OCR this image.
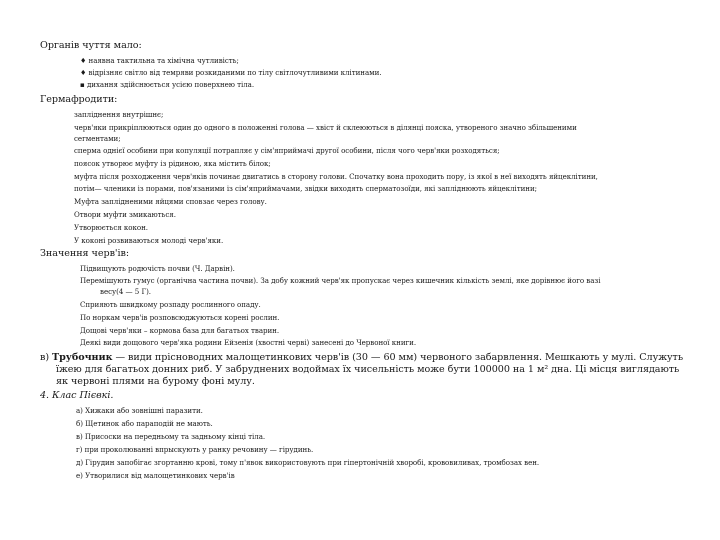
Органів чуття мало:
♦ наявна тактильна та хімічна чутливість;
♦ відрізняє світло від темряви розкиданими по тілу світлочутливими клітинами.
▪ дихання здійснюється усією поверхнею тіла.
Гермафродити:
запліднення внутрішнє;
черв'яки прикріплюються один до одного в положенні голова — хвіст й склеюються в ділянці пояска, утвореного значно збільшеними
сегментами;
сперма однієї особини при копуляції потрапляє у сім'яприймачі другої особини, після чого черв'яки розходяться;
поясок утворює муфту із рідиною, яка містить білок;
муфта після розходження черв'яків починає двигатись в сторону голови. Спочатку вона проходить пору, із якої в неї виходять яйцеклітини,
потім— членики із порами, пов'язаними із сім'яприймачами, звідки виходять сперматозоїди, які запліднюють яйцеклітини;
Муфта заплідненими яйцями сповзає через голову.
Отвори муфти змикаються.
Утворюється кокон.
У коконі розвиваються молоді черв'яки.
Значення черв'ів:
Підвищують родючість почви (Ч. Дарвін).
Перемішують гумус (органічна частина почви). За добу кожний черв'як пропускає через кишечник кількість землі, яке дорівнює його вазі
весу(4 — 5 Г).
Сприяють швидкому розпаду рослинного опаду.
По норкам черв'ів розповсюджуються корені рослин.
Дощові черв'яки – кормова база для багатьох тварин.
Деякі види дощового черв'яка родини Ейзенія (хвостні черві) занесені до Червоної книги.
в) Трубочник — види прісноводних малощетинкових черв'ів (30 — 60 мм) червоного забарвлення. Мешкають у мулі. Служуть
їжею для багатьох донних риб. У забруднених водоймах їх чисельність може бути 100000 на 1 м² дна. Ці місця виглядають
як червоні плями на бурому фоні мулу.
4. Клас Пієвкі.
а) Хижаки або зовнішні паразити.
б) Щетинок або параподій не мають.
в) Присоски на передньому та задньому кінці тіла.
г) при проколюванні впрыскують у ранку речовину — гірудинь.
д) Гірудин запобігає згортанню крові, тому п'явок використовують при гіпертонічній хворобі, крововиливах, тромбозах вен.
е) Утворилися від малощетинкових черв'ів
